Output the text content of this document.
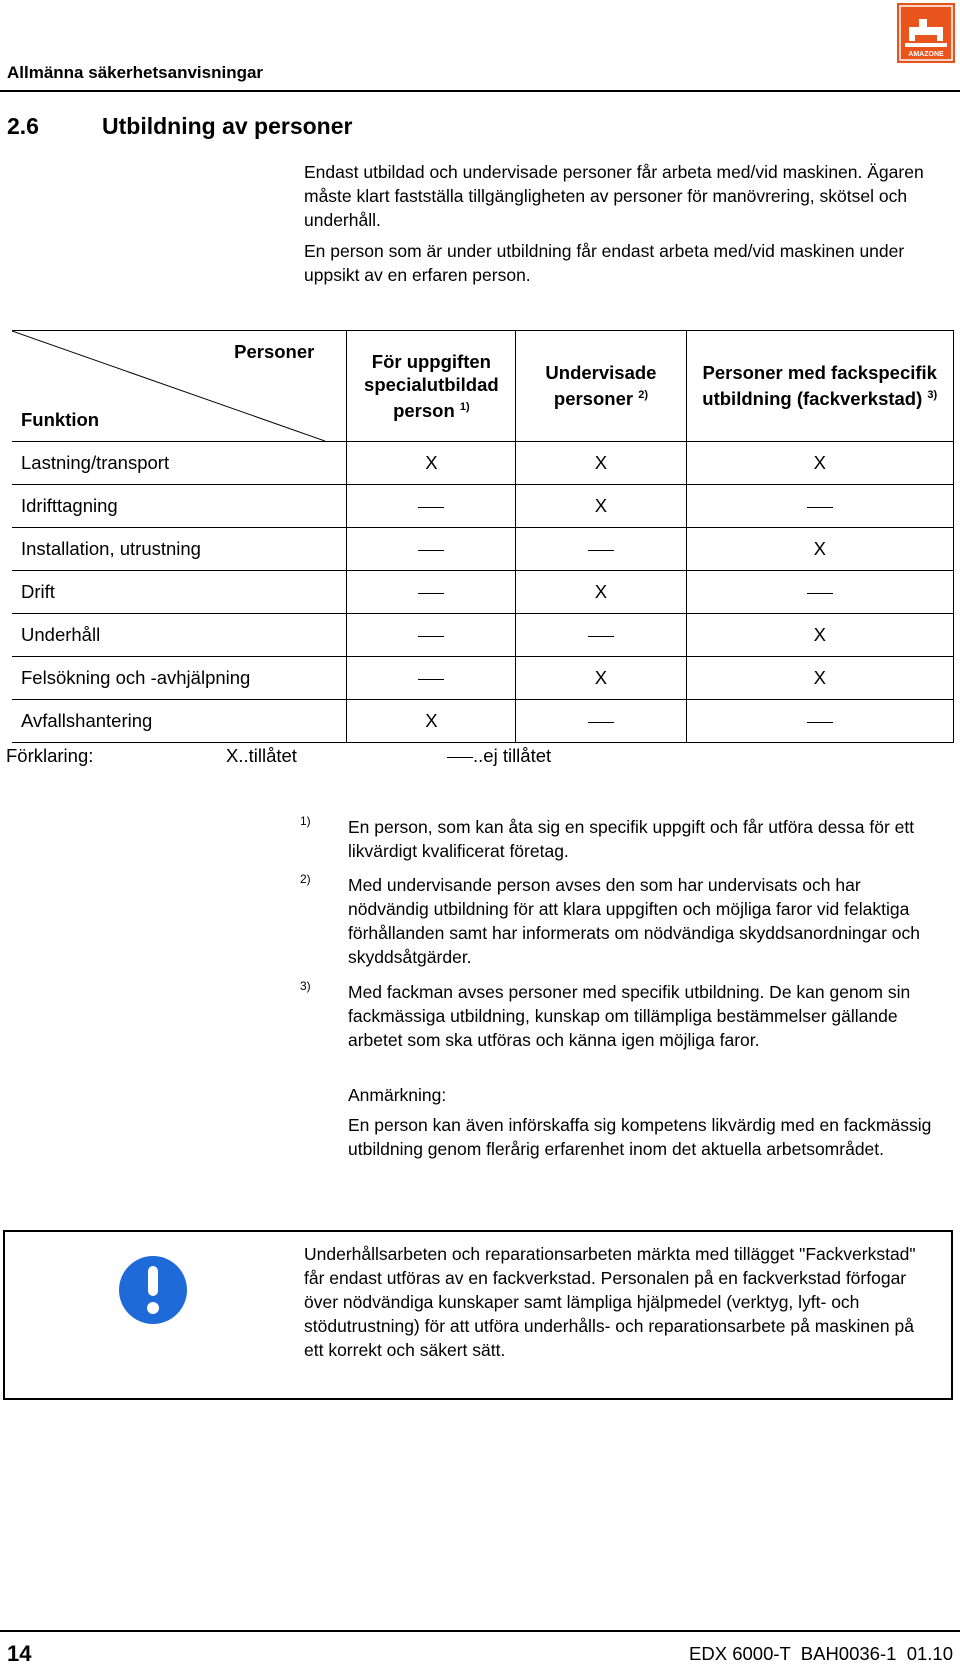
Allmänna säkerhetsanvisningar
AMAZONE
2.6	Utbildning av personer
Endast utbildad och undervisade personer får arbeta med/vid maskinen. Ägaren måste klart fastställa tillgängligheten av personer för manövrering, skötsel och underhåll.
En person som är under utbildning får endast arbeta med/vid maskinen under uppsikt av en erfaren person.
Personer
Funktion	För uppgiften specialutbildad person $^{1)}$	Undervisade personer $^{2)}$	Personer med fackspecifik utbildning (fackverkstad) $^{3)}$
Lastning/transport	X	X	X
Idrifttagning		X	
Installation, utrustning			X
Drift		X	
Underhåll			X
Felsökning och -avhjälpning		X	X
Avfallshantering	X		
Förklaring:	X..tillåtet	..ej tillåtet
1) En person, som kan åta sig en specifik uppgift och får utföra dessa för ett likvärdigt kvalificerat företag.
2) Med undervisande person avses den som har undervisats och har nödvändig utbildning för att klara uppgiften och möjliga faror vid felaktiga förhållanden samt har informerats om nödvändiga skyddsanordningar och skyddsåtgärder.
3) Med fackman avses personer med specifik utbildning. De kan genom sin fackmässiga utbildning, kunskap om tillämpliga bestämmelser gällande arbetet som ska utföras och känna igen möjliga faror.
Anmärkning:
En person kan även införskaffa sig kompetens likvärdig med en fackmässig utbildning genom flerårig erfarenhet inom det aktuella arbetsområdet.
Underhållsarbeten och reparationsarbeten märkta med tillägget "Fackverkstad" får endast utföras av en fackverkstad. Personalen på en fackverkstad förfogar över nödvändiga kunskaper samt lämpliga hjälpmedel (verktyg, lyft- och stödutrustning) för att utföra underhålls- och reparationsarbete på maskinen på ett korrekt och säkert sätt.
14	EDX 6000-T  BAH0036-1  01.10
